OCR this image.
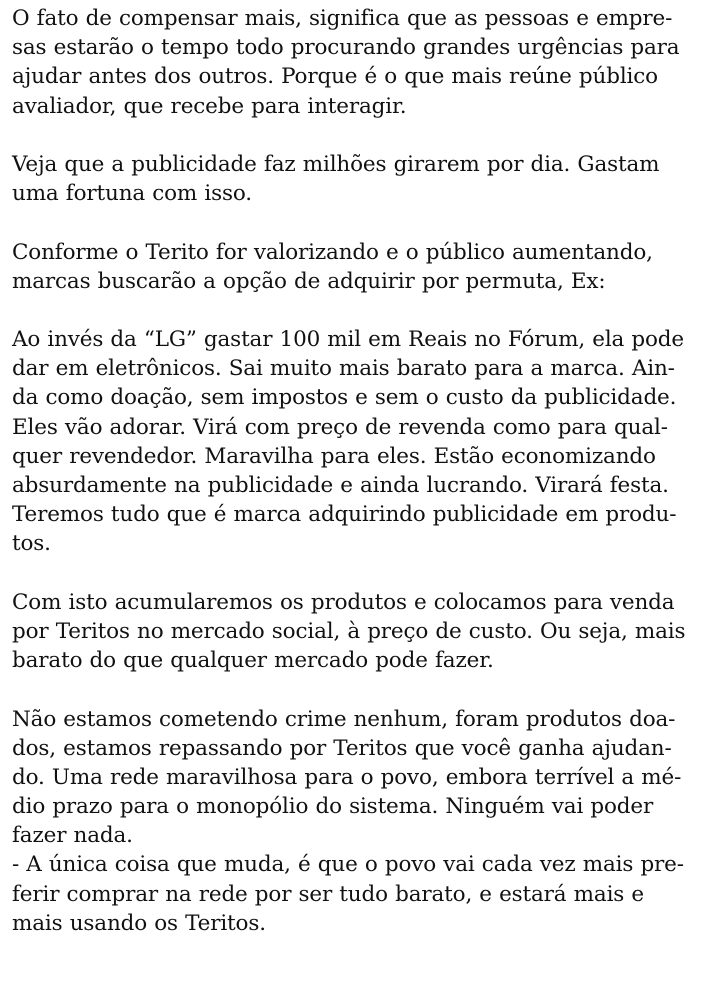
O fato de compensar mais, significa que as pessoas e empre-
sas estarão o tempo todo procurando grandes urgências para
ajudar antes dos outros. Porque é o que mais reúne público
avaliador, que recebe para interagir.

Veja que a publicidade faz milhões girarem por dia. Gastam
uma fortuna com isso.

Conforme o Terito for valorizando e o público aumentando,
marcas buscarão a opção de adquirir por permuta, Ex:

Ao invés da “LG” gastar 100 mil em Reais no Fórum, ela pode
dar em eletrônicos. Sai muito mais barato para a marca. Ain-
da como doação, sem impostos e sem o custo da publicidade.
Eles vão adorar. Virá com preço de revenda como para qual-
quer revendedor. Maravilha para eles. Estão economizando
absurdamente na publicidade e ainda lucrando. Virará festa.
Teremos tudo que é marca adquirindo publicidade em produ-
tos.

Com isto acumularemos os produtos e colocamos para venda
por Teritos no mercado social, à preço de custo. Ou seja, mais
barato do que qualquer mercado pode fazer.

Não estamos cometendo crime nenhum, foram produtos doa-
dos, estamos repassando por Teritos que você ganha ajudan-
do. Uma rede maravilhosa para o povo, embora terrível a mé-
dio prazo para o monopólio do sistema. Ninguém vai poder
fazer nada.
- A única coisa que muda, é que o povo vai cada vez mais pre-
ferir comprar na rede por ser tudo barato, e estará mais e
mais usando os Teritos.
